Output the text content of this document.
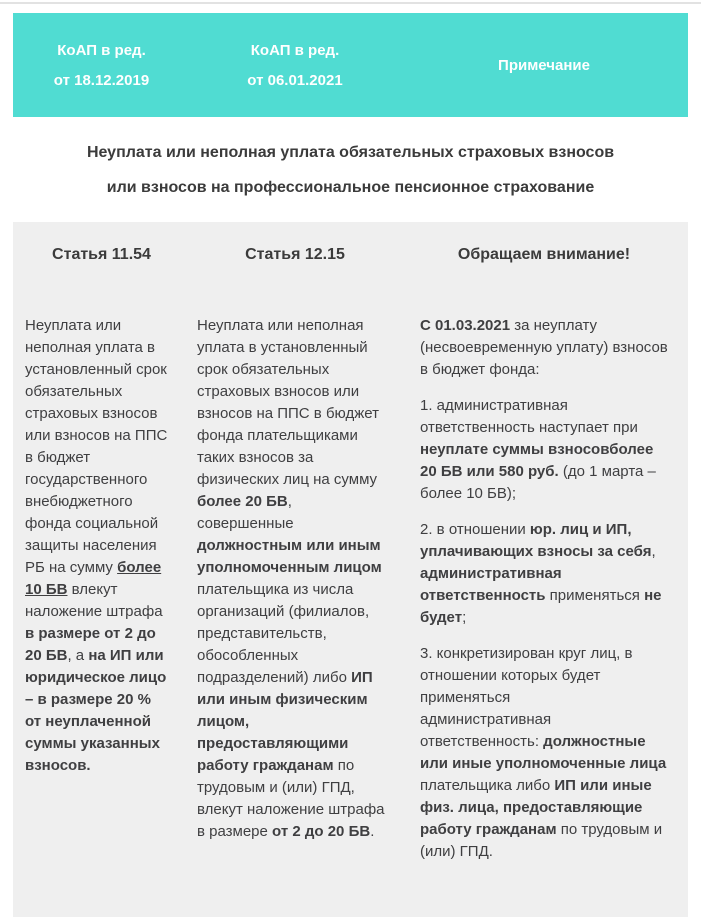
КоАП в ред.
от 18.12.2019
КоАП в ред.
от 06.01.2021
Примечание
Неуплата или неполная уплата обязательных страховых взносов
или взносов на профессиональное пенсионное страхование
Статья 11.54	Статья 12.15	Обращаем внимание!
Неуплата или неполная уплата в установленный срок обязательных страховых взносов или взносов на ППС в бюджет государственного внебюджетного фонда социальной защиты населения РБ на сумму более 10 БВ влекут наложение штрафа
в размере от 2 до 20 БВ, а на ИП или юридическое лицо – в размере 20 % от неуплаченной суммы указанных взносов.
Неуплата или неполная уплата в установленный срок обязательных страховых взносов или взносов на ППС в бюджет фонда плательщиками таких взносов за физических лиц на сумму более 20 БВ, совершенные должностным или иным уполномоченным лицом плательщика из числа организаций (филиалов, представительств, обособленных подразделений) либо ИП или иным физическим лицом, предоставляющими работу гражданам по трудовым и (или) ГПД, влекут наложение штрафа в размере от 2 до 20 БВ.
С 01.03.2021 за неуплату (несвоевременную уплату) взносов в бюджет фонда:
1. административная ответственность наступает при неуплате суммы взносовболее 20 БВ или 580 руб. (до 1 марта – более 10 БВ);
2. в отношении юр. лиц и ИП, уплачивающих взносы за себя, административная ответственность применяться не будет;
3. конкретизирован круг лиц, в отношении которых будет применяться
административная ответственность: должностные или иные уполномоченные лица плательщика либо ИП или иные физ. лица, предоставляющие работу гражданам по трудовым и (или) ГПД.
